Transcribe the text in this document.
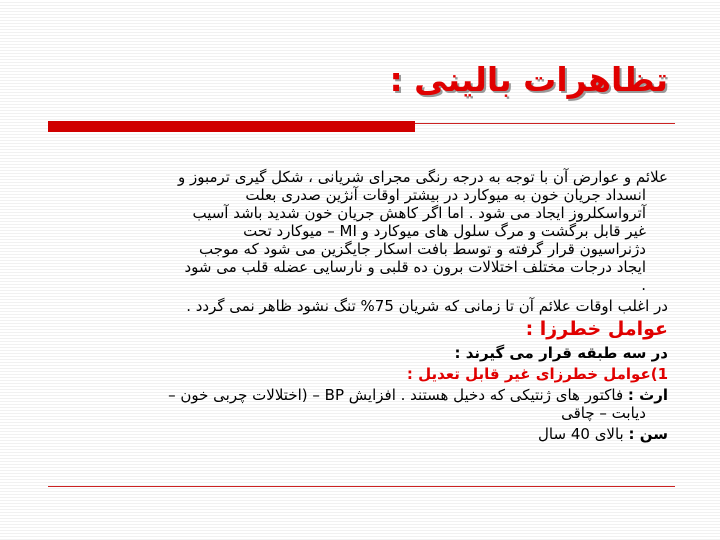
تظاهرات بالینی :
علائم و عوارض آن با توجه به درجه رنگی مجرای شریانی ، شکل گیری ترمبوز و
انسداد جریان خون به میوکارد در بیشتر اوقات آنژین صدری بعلت
آترواسکلروز ایجاد می شود . اما اگر کاهش جریان خون شدید باشد آسیب
غیر قابل برگشت و مرگ سلول های میوکارد و MI – میوکارد تحت
دژنراسیون قرار گرفته و توسط بافت اسکار جایگزین می شود که موجب
ایجاد درجات مختلف اختلالات برون ده قلبی و نارسایی عضله قلب می شود
.
در اغلب اوقات علائم آن تا زمانی که شریان 75% تنگ نشود ظاهر نمی گردد .
عوامل خطرزا :
در سه طبقه قرار می گیرند :
1)عوامل خطرزای غیر قابل تعدیل :
ارث : فاکتور های ژنتیکی که دخیل هستند . افزایش BP – (اختلالات چربی خون –
دیابت – چاقی
سن : بالای 40 سال
